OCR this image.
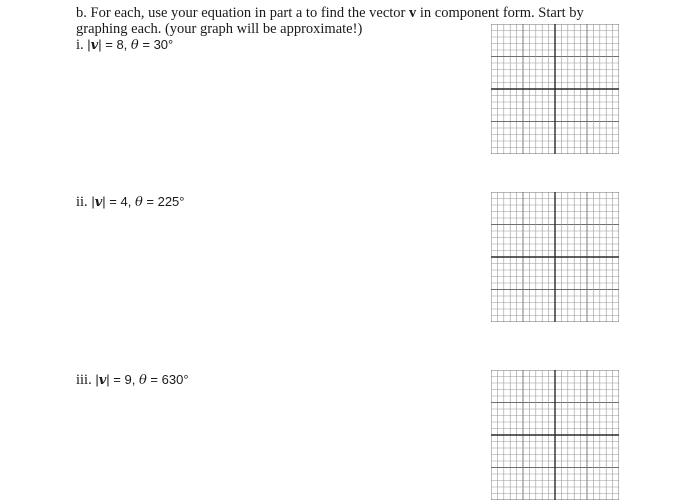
b. For each, use your equation in part a to find the vector v in component form. Start by
graphing each. (your graph will be approximate!)
i. |v| = 8, θ = 30°
ii. |v| = 4, θ = 225°
iii. |v| = 9, θ = 630°
